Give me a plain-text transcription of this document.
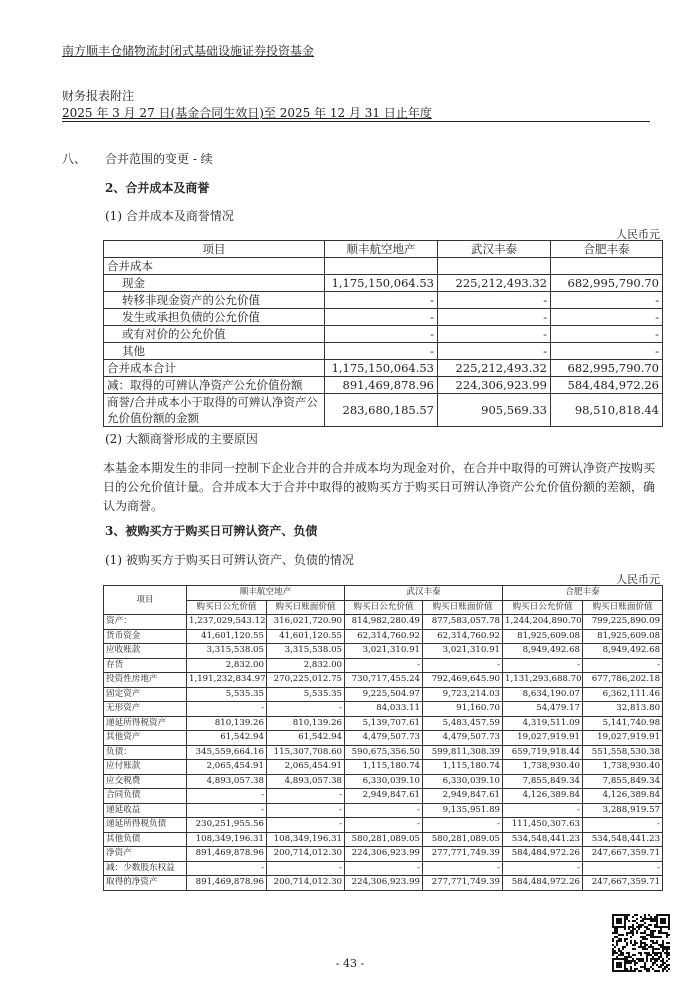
南方顺丰仓储物流封闭式基础设施证券投资基金
财务报表附注
2025 年 3 月 27 日(基金合同生效日)至 2025 年 12 月 31 日止年度
八、 合并范围的变更 - 续
2、合并成本及商誉
(1) 合并成本及商誉情况
人民币元
项目	顺丰航空地产	武汉丰泰	合肥丰泰
合并成本			
现金	1,175,150,064.53	225,212,493.32	682,995,790.70
转移非现金资产的公允价值	-	-	-
发生或承担负债的公允价值	-	-	-
或有对价的公允价值	-	-	-
其他	-	-	-
合并成本合计	1,175,150,064.53	225,212,493.32	682,995,790.70
减：取得的可辨认净资产公允价值份额	891,469,878.96	224,306,923.99	584,484,972.26
商誉/合并成本小于取得的可辨认净资产公允价值份额的金额	283,680,185.57	905,569.33	98,510,818.44
(2) 大额商誉形成的主要原因
本基金本期发生的非同一控制下企业合并的合并成本均为现金对价，在合并中取得的可辨认净资产按购买日的公允价值计量。合并成本大于合并中取得的被购买方于购买日可辨认净资产公允价值份额的差额，确认为商誉。
3、被购买方于购买日可辨认资产、负债
(1) 被购买方于购买日可辨认资产、负债的情况
人民币元
项目	顺丰航空地产		武汉丰泰		合肥丰泰	
	购买日公允价值	购买日账面价值	购买日公允价值	购买日账面价值	购买日公允价值	购买日账面价值
资产：	1,237,029,543.12	316,021,720.90	814,982,280.49	877,583,057.78	1,244,204,890.70	799,225,890.09
货币资金	41,601,120.55	41,601,120.55	62,314,760.92	62,314,760.92	81,925,609.08	81,925,609.08
应收账款	3,315,538.05	3,315,538.05	3,021,310.91	3,021,310.91	8,949,492.68	8,949,492.68
存货	2,832.00	2,832.00	-	-	-	-
投资性房地产	1,191,232,834.97	270,225,012.75	730,717,455.24	792,469,645.90	1,131,293,688.70	677,786,202.18
固定资产	5,535.35	5,535.35	9,225,504.97	9,723,214.03	8,634,190.07	6,362,111.46
无形资产	-	-	84,033.11	91,160.70	54,479.17	32,813.80
递延所得税资产	810,139.26	810,139.26	5,139,707.61	5,483,457.59	4,319,511.09	5,141,740.98
其他资产	61,542.94	61,542.94	4,479,507.73	4,479,507.73	19,027,919.91	19,027,919.91
负债：	345,559,664.16	115,307,708.60	590,675,356.50	599,811,308.39	659,719,918.44	551,558,530.38
应付账款	2,065,454.91	2,065,454.91	1,115,180.74	1,115,180.74	1,738,930.40	1,738,930.40
应交税费	4,893,057.38	4,893,057.38	6,330,039.10	6,330,039.10	7,855,849.34	7,855,849.34
合同负债	-	-	2,949,847.61	2,949,847.61	4,126,389.84	4,126,389.84
递延收益	-	-	-	9,135,951.89	-	3,288,919.57
递延所得税负债	230,251,955.56	-	-	-	111,450,307.63	-
其他负债	108,349,196.31	108,349,196.31	580,281,089.05	580,281,089.05	534,548,441.23	534,548,441.23
净资产	891,469,878.96	200,714,012.30	224,306,923.99	277,771,749.39	584,484,972.26	247,667,359.71
减：少数股东权益	-	-	-	-	-	-
取得的净资产	891,469,878.96	200,714,012.30	224,306,923.99	277,771,749.39	584,484,972.26	247,667,359.71
- 43 -
